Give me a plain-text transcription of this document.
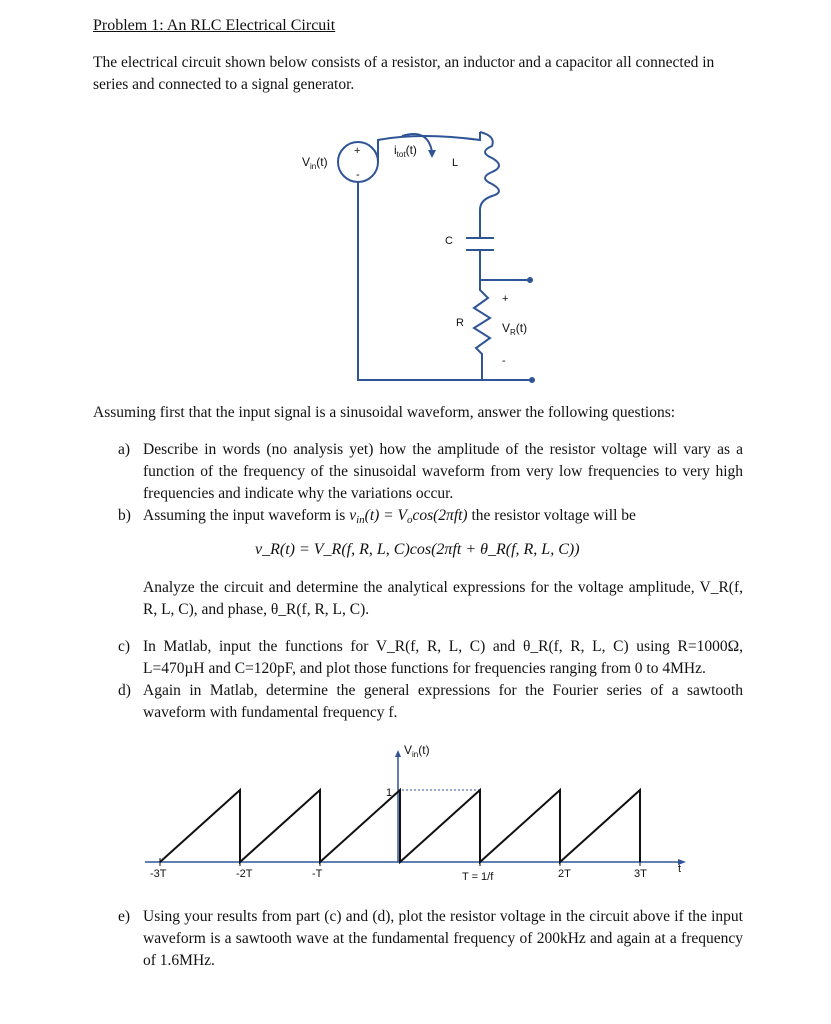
Problem 1: An RLC Electrical Circuit
The electrical circuit shown below consists of a resistor, an inductor and a capacitor all connected in series and connected to a signal generator.
+
-
$V_{in}(t)$
$i_{tot}(t)$
L
C
R
+
-
$V_R(t)$
Assuming first that the input signal is a sinusoidal waveform, answer the following questions:
a) Describe in words (no analysis yet) how the amplitude of the resistor voltage will vary as a function of the frequency of the sinusoidal waveform from very low frequencies to very high frequencies and indicate why the variations occur.
b) Assuming the input waveform is $v_{in}(t) = V_o\cos(2\pi ft)$ the resistor voltage will be
v_R(t) = V_R(f, R, L, C)cos(2πft + θ_R(f, R, L, C))
Analyze the circuit and determine the analytical expressions for the voltage amplitude, V_R(f, R, L, C), and phase, θ_R(f, R, L, C).
c) In Matlab, input the functions for V_R(f, R, L, C) and θ_R(f, R, L, C) using R=1000Ω, L=470µH and C=120pF, and plot those functions for frequencies ranging from 0 to 4MHz.
d) Again in Matlab, determine the general expressions for the Fourier series of a sawtooth waveform with fundamental frequency f.
$V_{in}(t)$
1
t
-3T	-2T	-T	T = 1/f	2T	3T
e) Using your results from part (c) and (d), plot the resistor voltage in the circuit above if the input waveform is a sawtooth wave at the fundamental frequency of 200kHz and again at a frequency of 1.6MHz.
